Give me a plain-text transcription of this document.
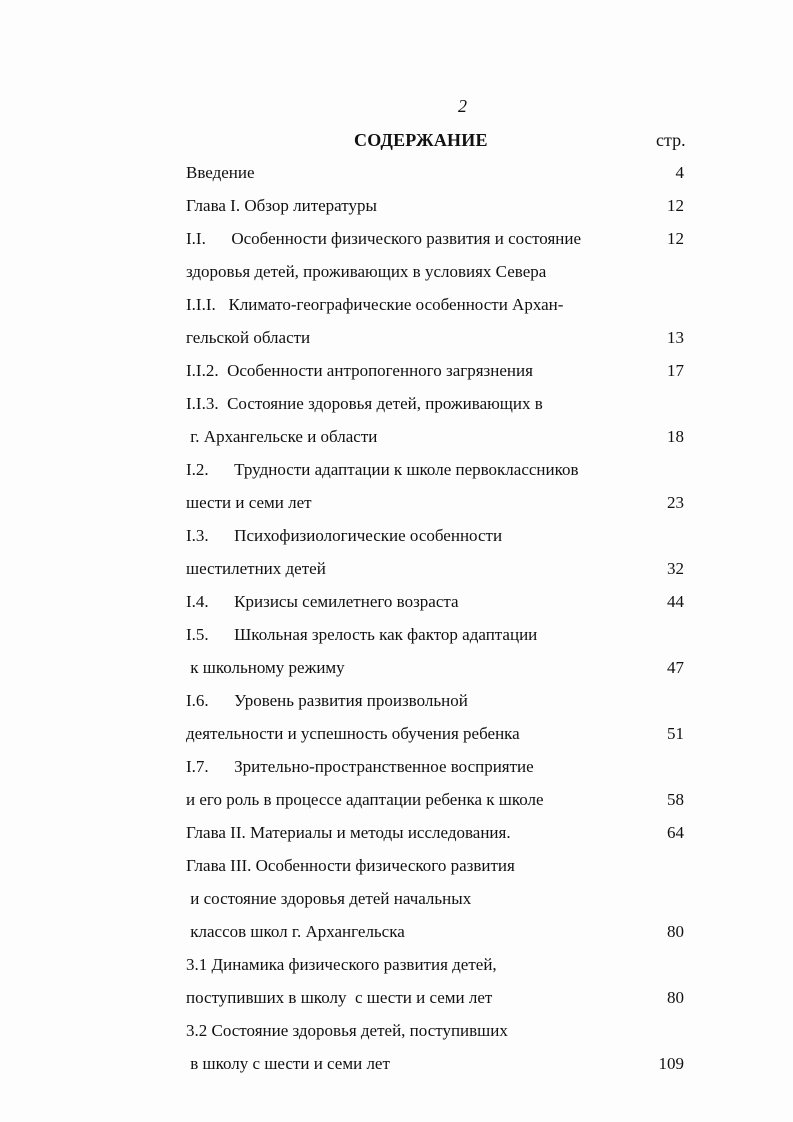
2
СОДЕРЖАНИЕ	стр.
Введение	4
Глава I. Обзор литературы	12
I.I.      Особенности физического развития и состояние	12
здоровья детей, проживающих в условиях Севера
I.I.I.   Климато-географические особенности Архан-
гельской области	13
I.I.2.  Особенности антропогенного загрязнения	17
I.I.3.  Состояние здоровья детей, проживающих в
г. Архангельске и области	18
I.2.      Трудности адаптации к школе первоклассников
шести и семи лет	23
I.3.      Психофизиологические особенности
шестилетних детей	32
I.4.      Кризисы семилетнего возраста	44
I.5.      Школьная зрелость как фактор адаптации
к школьному режиму	47
I.6.      Уровень развития произвольной
деятельности и успешность обучения ребенка	51
I.7.      Зрительно-пространственное восприятие
и его роль в процессе адаптации ребенка к школе	58
Глава II. Материалы и методы исследования.	64
Глава III. Особенности физического развития
и состояние здоровья детей начальных
классов школ г. Архангельска	80
3.1 Динамика физического развития детей,
поступивших в школу  с шести и семи лет	80
3.2 Состояние здоровья детей, поступивших
в школу с шести и семи лет	109
